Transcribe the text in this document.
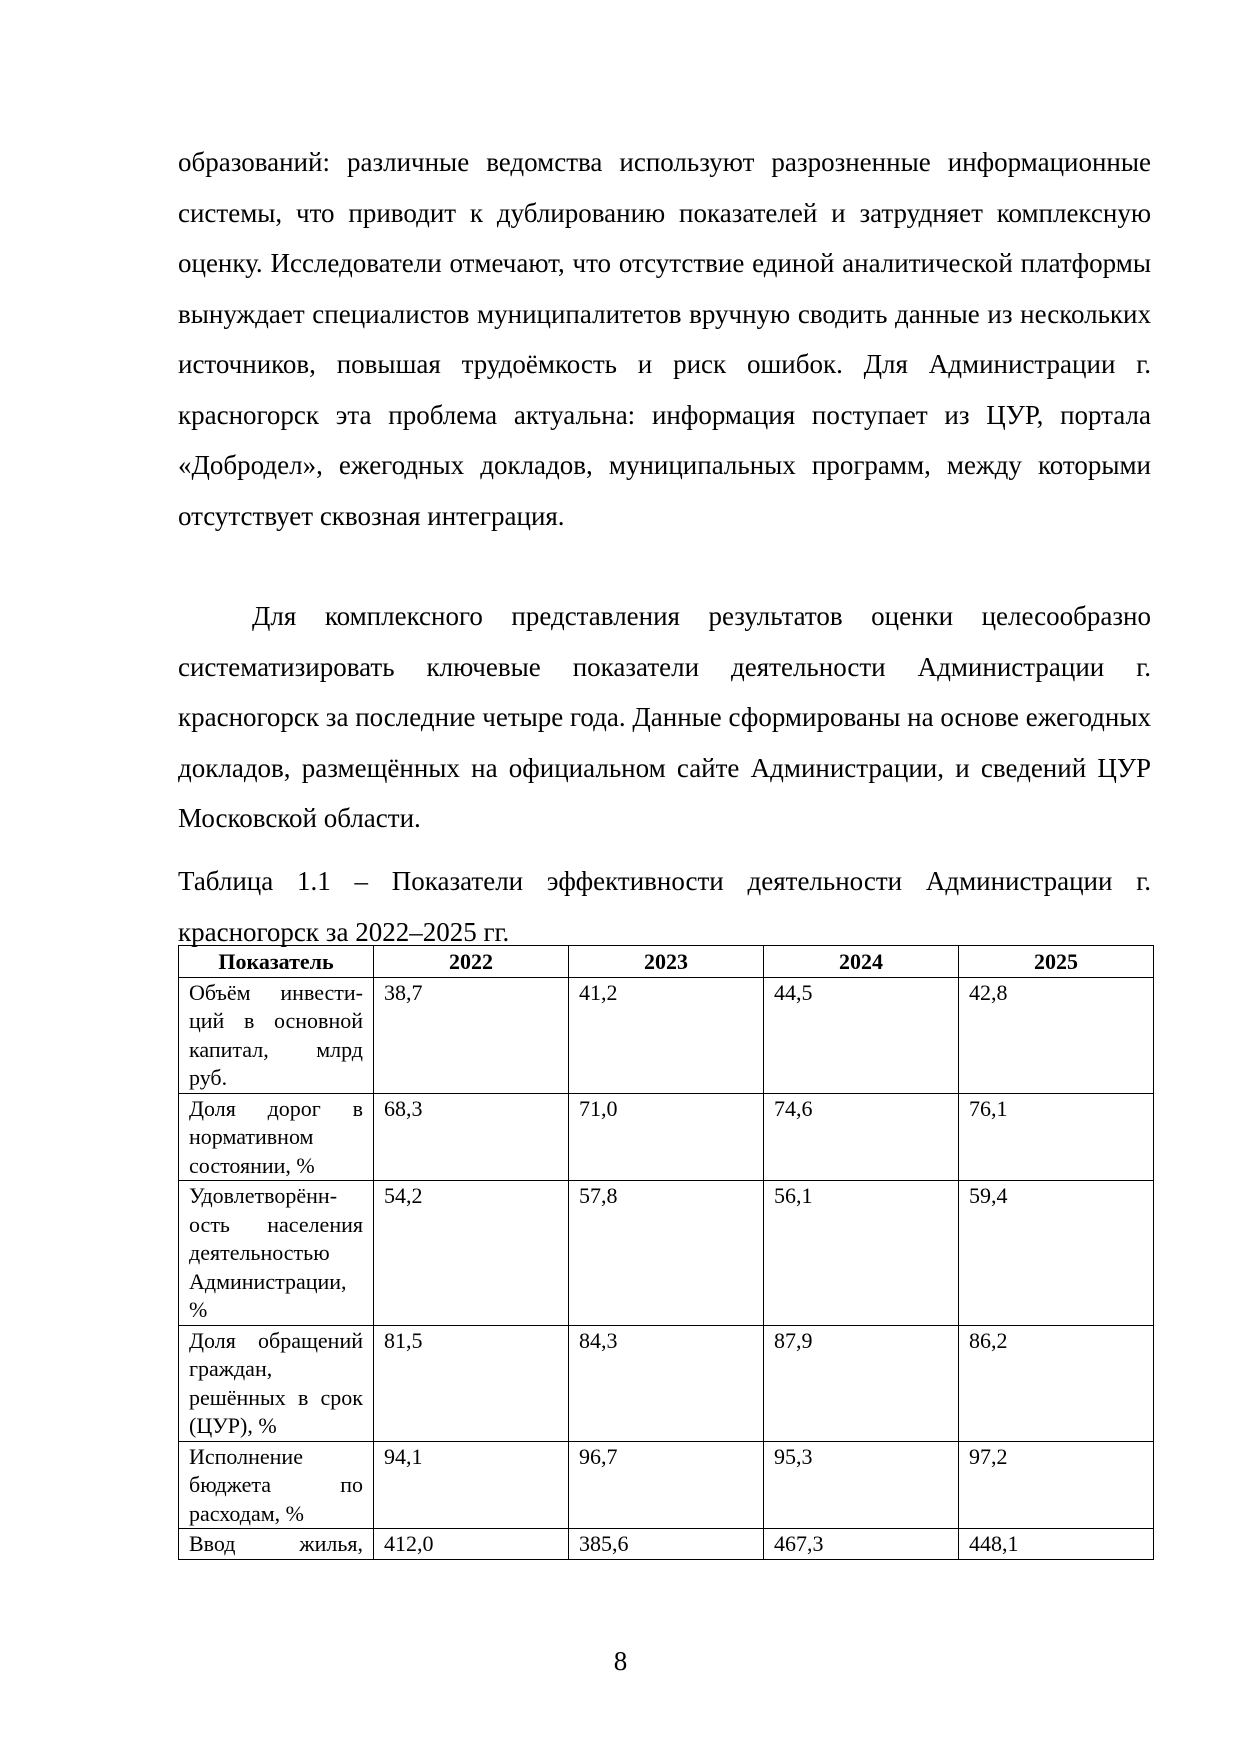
образований: различные ведомства используют разрозненные информационные системы, что приводит к дублированию показателей и затрудняет комплексную оценку. Исследователи отмечают, что отсутствие единой аналитической платформы вынуждает специалистов муниципалитетов вручную сводить данные из нескольких источников, повышая трудоёмкость и риск ошибок. Для Администрации г. красногорск эта проблема актуальна: информация поступает из ЦУР, портала «Добродел», ежегодных докладов, муниципальных программ, между которыми отсутствует сквозная интеграция.

Для комплексного представления результатов оценки целесообразно систематизировать ключевые показатели деятельности Администрации г. красногорск за последние четыре года. Данные сформированы на основе ежегодных докладов, размещённых на официальном сайте Администрации, и сведений ЦУР Московской области.

Таблица 1.1 – Показатели эффективности деятельности Администрации г. красногорск за 2022–2025 гг.

Показатель	2022	2023	2024	2025
Объём инвестиций в основной капитал, млрд руб.	38,7	41,2	44,5	42,8
Доля дорог в нормативном состоянии, %	68,3	71,0	74,6	76,1
Удовлетворённость населения деятельностью Администрации, %	54,2	57,8	56,1	59,4
Доля обращений граждан, решённых в срок (ЦУР), %	81,5	84,3	87,9	86,2
Исполнение бюджета по расходам, %	94,1	96,7	95,3	97,2
Ввод жилья,	412,0	385,6	467,3	448,1
8
